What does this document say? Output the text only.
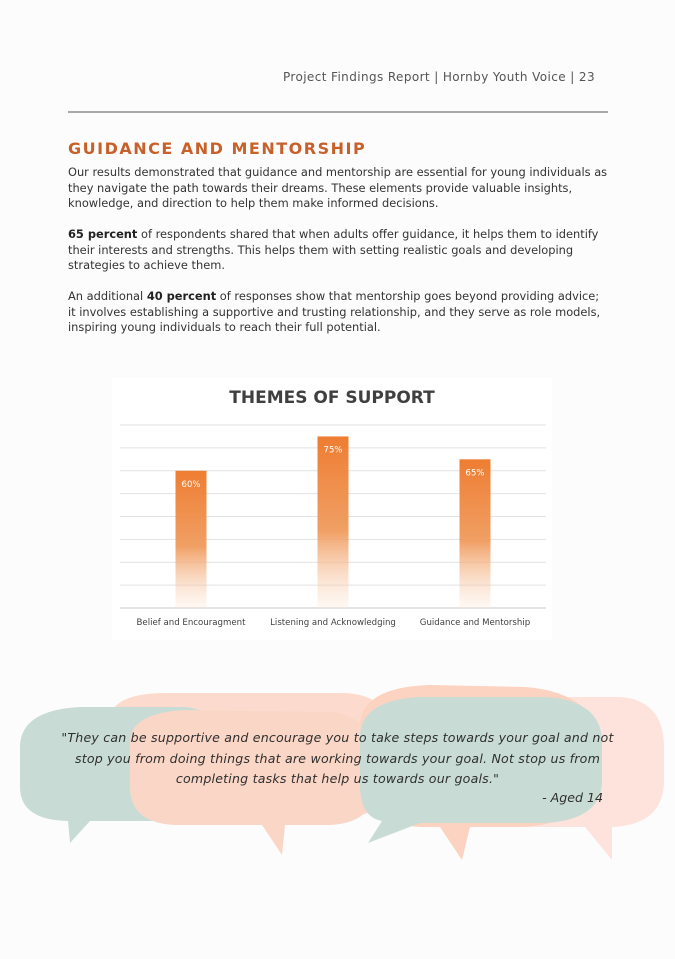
Project Findings Report | Hornby Youth Voice | 23
GUIDANCE AND MENTORSHIP

Our results demonstrated that guidance and mentorship are essential for young individuals as they navigate the path towards their dreams. These elements provide valuable insights, knowledge, and direction to help them make informed decisions.

65 percent of respondents shared that when adults offer guidance, it helps them to identify their interests and strengths. This helps them with setting realistic goals and developing strategies to achieve them.

An additional 40 percent of responses show that mentorship goes beyond providing advice; it involves establishing a supportive and trusting relationship, and they serve as role models, inspiring young individuals to reach their full potential.

THEMES OF SUPPORT
60%
75%
65%
Belief and Encouragment	Listening and Acknowledging	Guidance and Mentorship

"They can be supportive and encourage you to take steps towards your goal and not stop you from doing things that are working towards your goal. Not stop us from completing tasks that help us towards our goals."

- Aged 14
